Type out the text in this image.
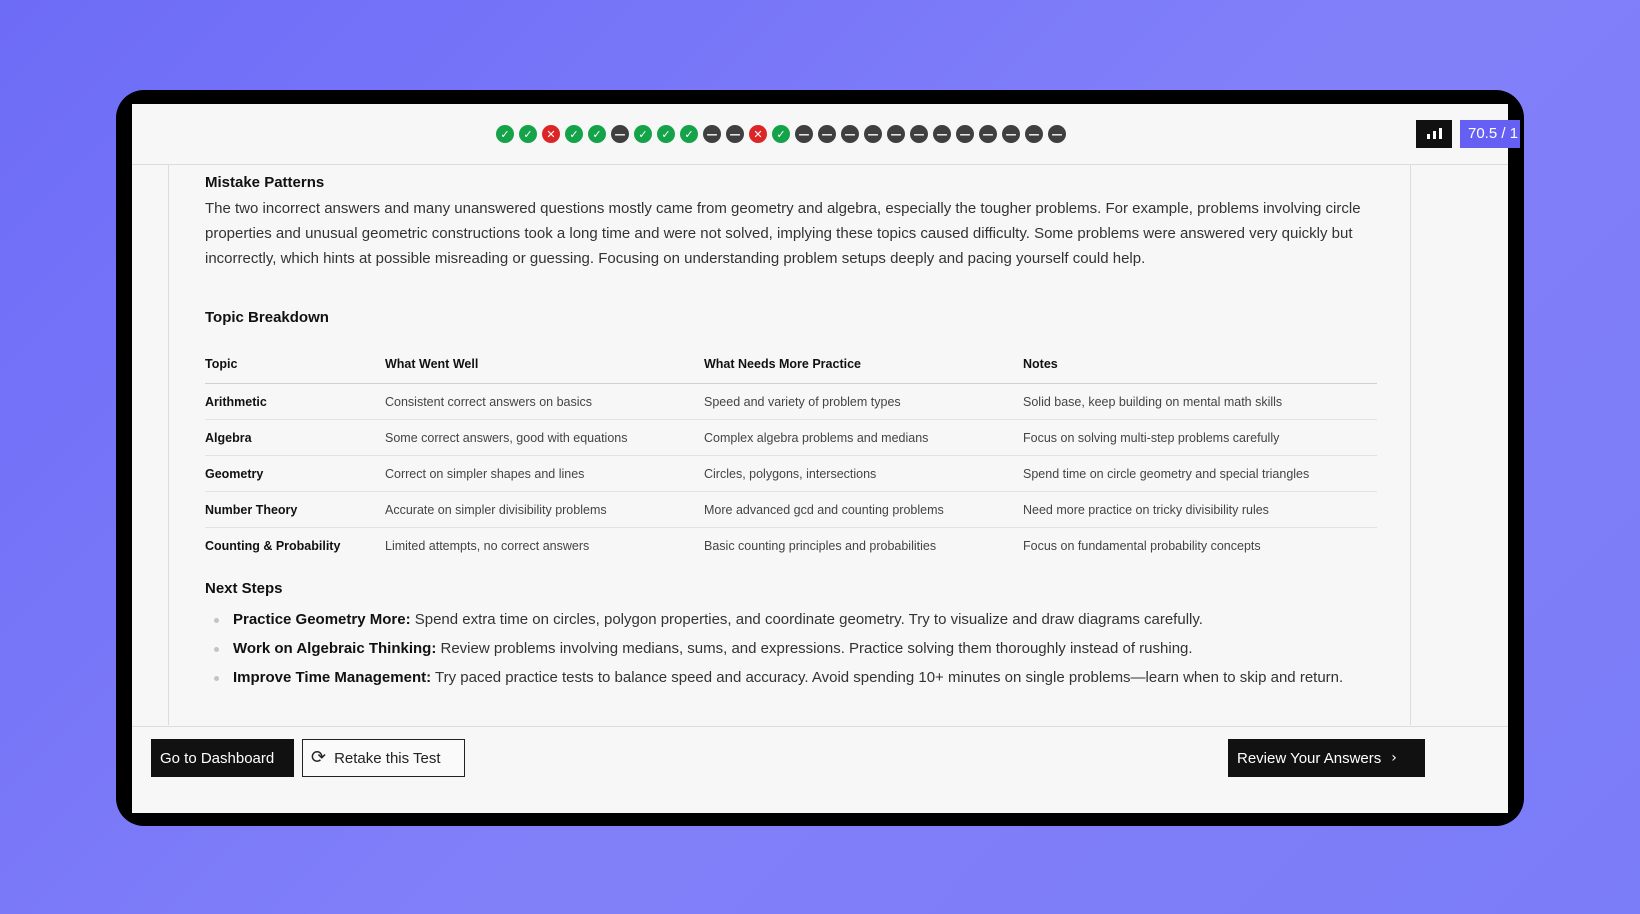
✓	✓	✕	✓	✓	—	✓	✓	✓	—	—	✕	✓	—	—	—	—	—	—	—	—	—	—	—	—	70.5 / 1
Mistake Patterns
The two incorrect answers and many unanswered questions mostly came from geometry and algebra, especially the tougher problems. For example, problems involving circle properties and unusual geometric constructions took a long time and were not solved, implying these topics caused difficulty. Some problems were answered very quickly but incorrectly, which hints at possible misreading or guessing. Focusing on understanding problem setups deeply and pacing yourself could help.
Topic Breakdown
Topic	What Went Well	What Needs More Practice	Notes
Arithmetic	Consistent correct answers on basics	Speed and variety of problem types	Solid base, keep building on mental math skills
Algebra	Some correct answers, good with equations	Complex algebra problems and medians	Focus on solving multi-step problems carefully
Geometry	Correct on simpler shapes and lines	Circles, polygons, intersections	Spend time on circle geometry and special triangles
Number Theory	Accurate on simpler divisibility problems	More advanced gcd and counting problems	Need more practice on tricky divisibility rules
Counting & Probability	Limited attempts, no correct answers	Basic counting principles and probabilities	Focus on fundamental probability concepts
Next Steps
Practice Geometry More: Spend extra time on circles, polygon properties, and coordinate geometry. Try to visualize and draw diagrams carefully.
Work on Algebraic Thinking: Review problems involving medians, sums, and expressions. Practice solving them thoroughly instead of rushing.
Improve Time Management: Try paced practice tests to balance speed and accuracy. Avoid spending 10+ minutes on single problems—learn when to skip and return.
Go to Dashboard ⟳ Retake this Test	Review Your Answers ›
